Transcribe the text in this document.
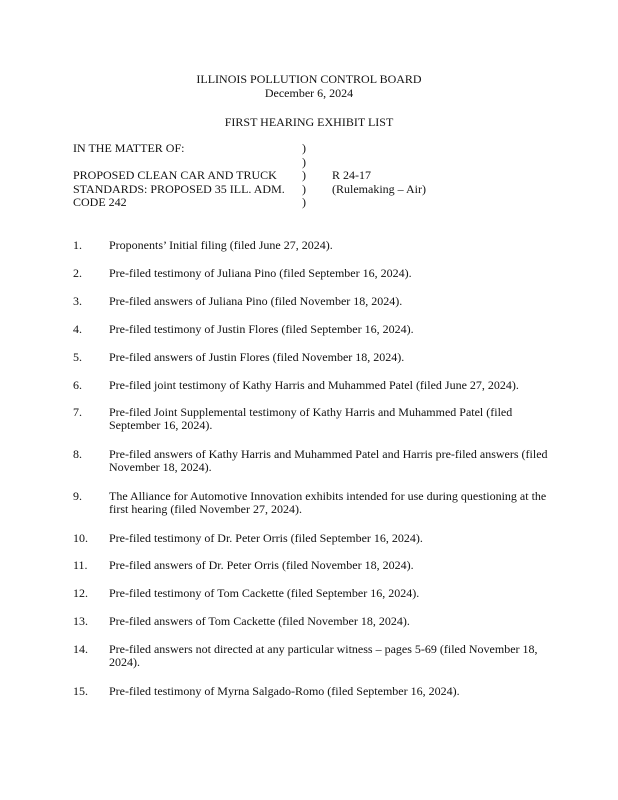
ILLINOIS POLLUTION CONTROL BOARD
December 6, 2024
FIRST HEARING EXHIBIT LIST
IN THE MATTER OF:	)
)
PROPOSED CLEAN CAR AND TRUCK ) R 24-17
STANDARDS: PROPOSED 35 ILL. ADM. ) (Rulemaking – Air)
CODE 242	)
1.	Proponents’ Initial filing (filed June 27, 2024).
2.	Pre-filed testimony of Juliana Pino (filed September 16, 2024).
3.	Pre-filed answers of Juliana Pino (filed November 18, 2024).
4.	Pre-filed testimony of Justin Flores (filed September 16, 2024).
5.	Pre-filed answers of Justin Flores (filed November 18, 2024).
6.	Pre-filed joint testimony of Kathy Harris and Muhammed Patel (filed June 27, 2024).
7.	Pre-filed Joint Supplemental testimony of Kathy Harris and Muhammed Patel (filed September 16, 2024).
8.	Pre-filed answers of Kathy Harris and Muhammed Patel and Harris pre-filed answers (filed November 18, 2024).
9.	The Alliance for Automotive Innovation exhibits intended for use during questioning at the first hearing (filed November 27, 2024).
10.	Pre-filed testimony of Dr. Peter Orris (filed September 16, 2024).
11.	Pre-filed answers of Dr. Peter Orris (filed November 18, 2024).
12.	Pre-filed testimony of Tom Cackette (filed September 16, 2024).
13.	Pre-filed answers of Tom Cackette (filed November 18, 2024).
14.	Pre-filed answers not directed at any particular witness – pages 5-69 (filed November 18, 2024).
15.	Pre-filed testimony of Myrna Salgado-Romo (filed September 16, 2024).
